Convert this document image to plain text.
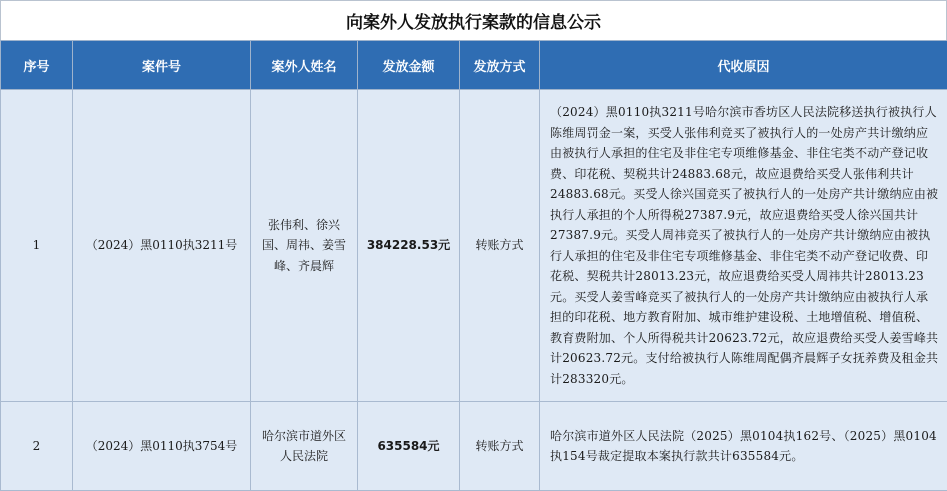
向案外人发放执行案款的信息公示
序号	案件号	案外人姓名	发放金额	发放方式	代收原因
1	（2024）黑0110执3211号	张伟利、徐兴国、周祎、姜雪峰、齐晨辉	384228.53元	转账方式	（2024）黑0110执3211号哈尔滨市香坊区人民法院移送执行被执行人陈维周罚金一案，买受人张伟利竞买了被执行人的一处房产共计缴纳应由被执行人承担的住宅及非住宅专项维修基金、非住宅类不动产登记收费、印花税、契税共计24883.68元，故应退费给买受人张伟利共计24883.68元。买受人徐兴国竞买了被执行人的一处房产共计缴纳应由被执行人承担的个人所得税27387.9元，故应退费给买受人徐兴国共计27387.9元。买受人周祎竞买了被执行人的一处房产共计缴纳应由被执行人承担的住宅及非住宅专项维修基金、非住宅类不动产登记收费、印花税、契税共计28013.23元，故应退费给买受人周祎共计28013.23元。买受人姜雪峰竞买了被执行人的一处房产共计缴纳应由被执行人承担的印花税、地方教育附加、城市维护建设税、土地增值税、增值税、教育费附加、个人所得税共计20623.72元，故应退费给买受人姜雪峰共计20623.72元。支付给被执行人陈维周配偶齐晨辉子女抚养费及租金共计283320元。
2	（2024）黑0110执3754号	哈尔滨市道外区人民法院	635584元	转账方式	哈尔滨市道外区人民法院（2025）黑0104执162号、（2025）黑0104执154号裁定提取本案执行款共计635584元。
